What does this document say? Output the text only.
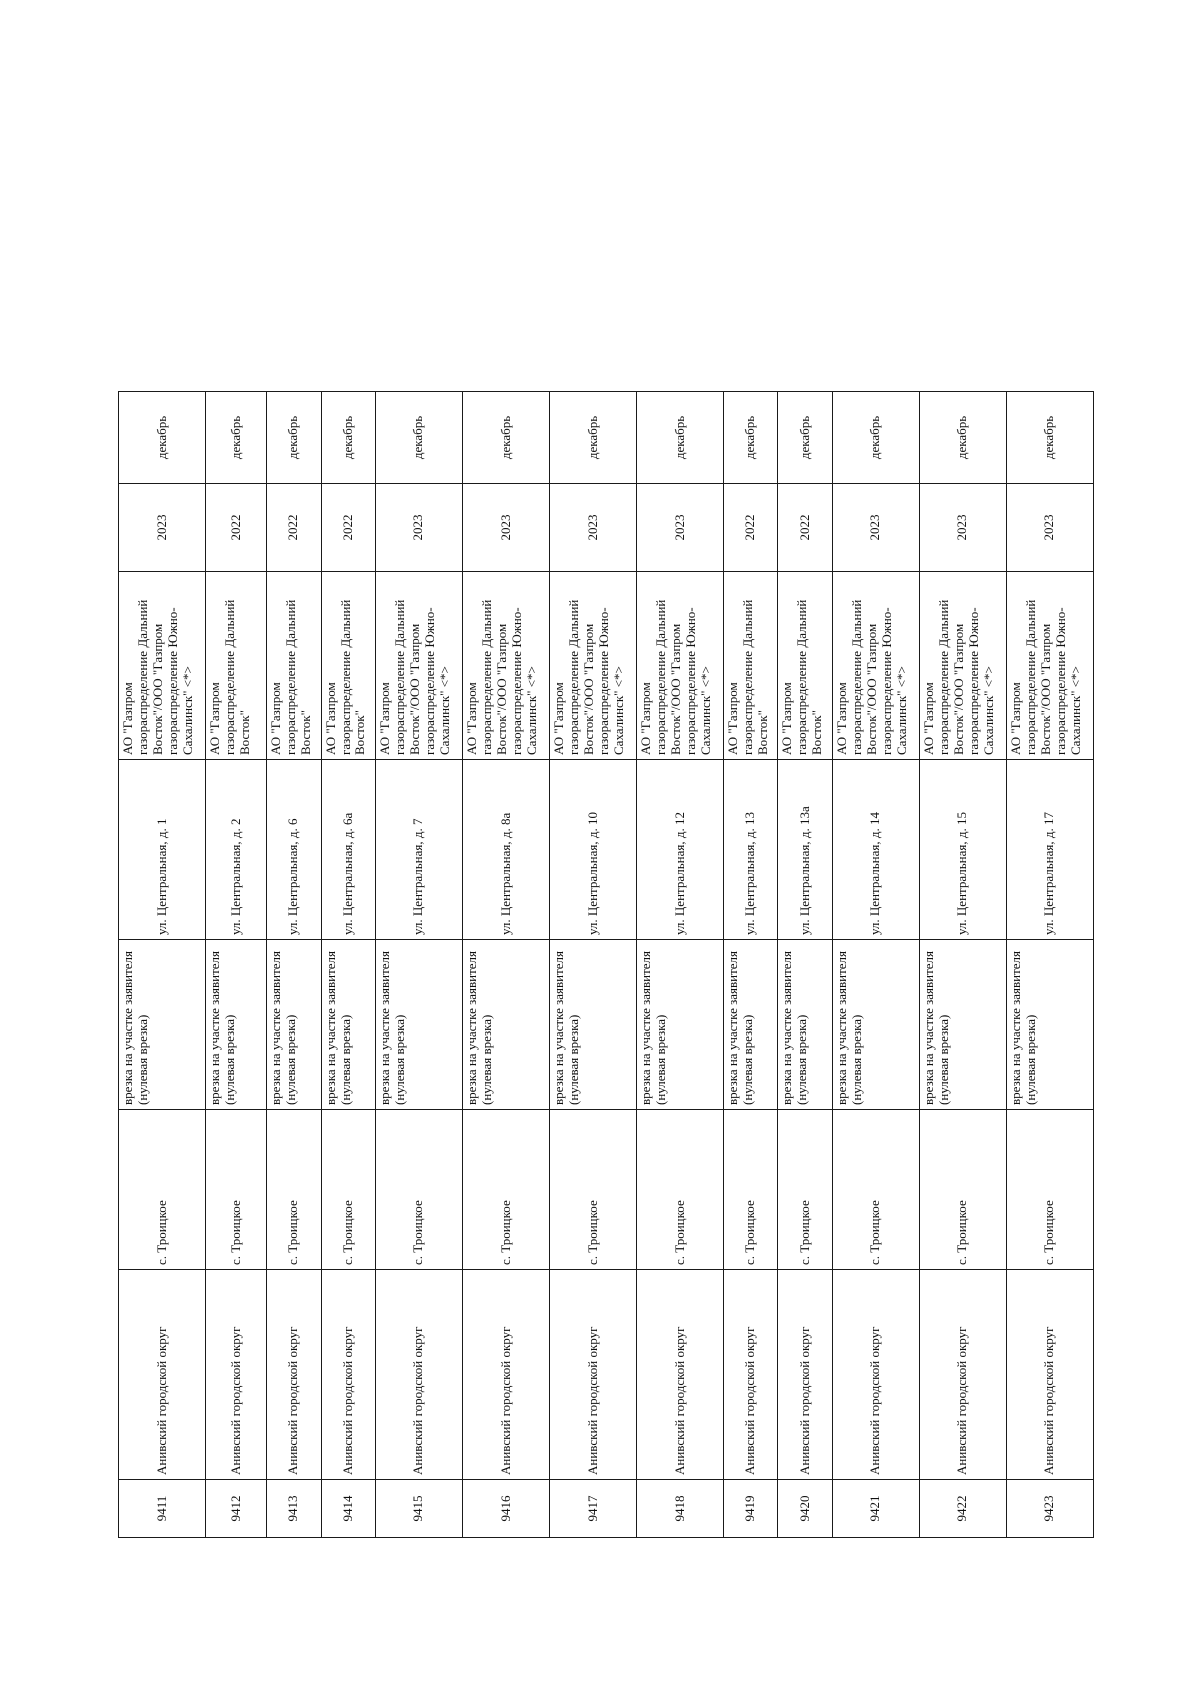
9411	Анивский городской округ	с. Троицкое	врезка на участке заявителя (нулевая врезка)	ул. Центральная, д. 1	АО "Газпром газораспределение Дальний Восток"/ООО "Газпром газораспределение Южно-Сахалинск" <*>	2023	декабрь
9412	Анивский городской округ	с. Троицкое	врезка на участке заявителя (нулевая врезка)	ул. Центральная, д. 2	АО "Газпром газораспределение Дальний Восток"	2022	декабрь
9413	Анивский городской округ	с. Троицкое	врезка на участке заявителя (нулевая врезка)	ул. Центральная, д. 6	АО "Газпром газораспределение Дальний Восток"	2022	декабрь
9414	Анивский городской округ	с. Троицкое	врезка на участке заявителя (нулевая врезка)	ул. Центральная, д. 6а	АО "Газпром газораспределение Дальний Восток"	2022	декабрь
9415	Анивский городской округ	с. Троицкое	врезка на участке заявителя (нулевая врезка)	ул. Центральная, д. 7	АО "Газпром газораспределение Дальний Восток"/ООО "Газпром газораспределение Южно-Сахалинск" <*>	2023	декабрь
9416	Анивский городской округ	с. Троицкое	врезка на участке заявителя (нулевая врезка)	ул. Центральная, д. 8а	АО "Газпром газораспределение Дальний Восток"/ООО "Газпром газораспределение Южно-Сахалинск" <*>	2023	декабрь
9417	Анивский городской округ	с. Троицкое	врезка на участке заявителя (нулевая врезка)	ул. Центральная, д. 10	АО "Газпром газораспределение Дальний Восток"/ООО "Газпром газораспределение Южно-Сахалинск" <*>	2023	декабрь
9418	Анивский городской округ	с. Троицкое	врезка на участке заявителя (нулевая врезка)	ул. Центральная, д. 12	АО "Газпром газораспределение Дальний Восток"/ООО "Газпром газораспределение Южно-Сахалинск" <*>	2023	декабрь
9419	Анивский городской округ	с. Троицкое	врезка на участке заявителя (нулевая врезка)	ул. Центральная, д. 13	АО "Газпром газораспределение Дальний Восток"	2022	декабрь
9420	Анивский городской округ	с. Троицкое	врезка на участке заявителя (нулевая врезка)	ул. Центральная, д. 13а	АО "Газпром газораспределение Дальний Восток"	2022	декабрь
9421	Анивский городской округ	с. Троицкое	врезка на участке заявителя (нулевая врезка)	ул. Центральная, д. 14	АО "Газпром газораспределение Дальний Восток"/ООО "Газпром газораспределение Южно-Сахалинск" <*>	2023	декабрь
9422	Анивский городской округ	с. Троицкое	врезка на участке заявителя (нулевая врезка)	ул. Центральная, д. 15	АО "Газпром газораспределение Дальний Восток"/ООО "Газпром газораспределение Южно-Сахалинск" <*>	2023	декабрь
9423	Анивский городской округ	с. Троицкое	врезка на участке заявителя (нулевая врезка)	ул. Центральная, д. 17	АО "Газпром газораспределение Дальний Восток"/ООО "Газпром газораспределение Южно-Сахалинск" <*>	2023	декабрь
